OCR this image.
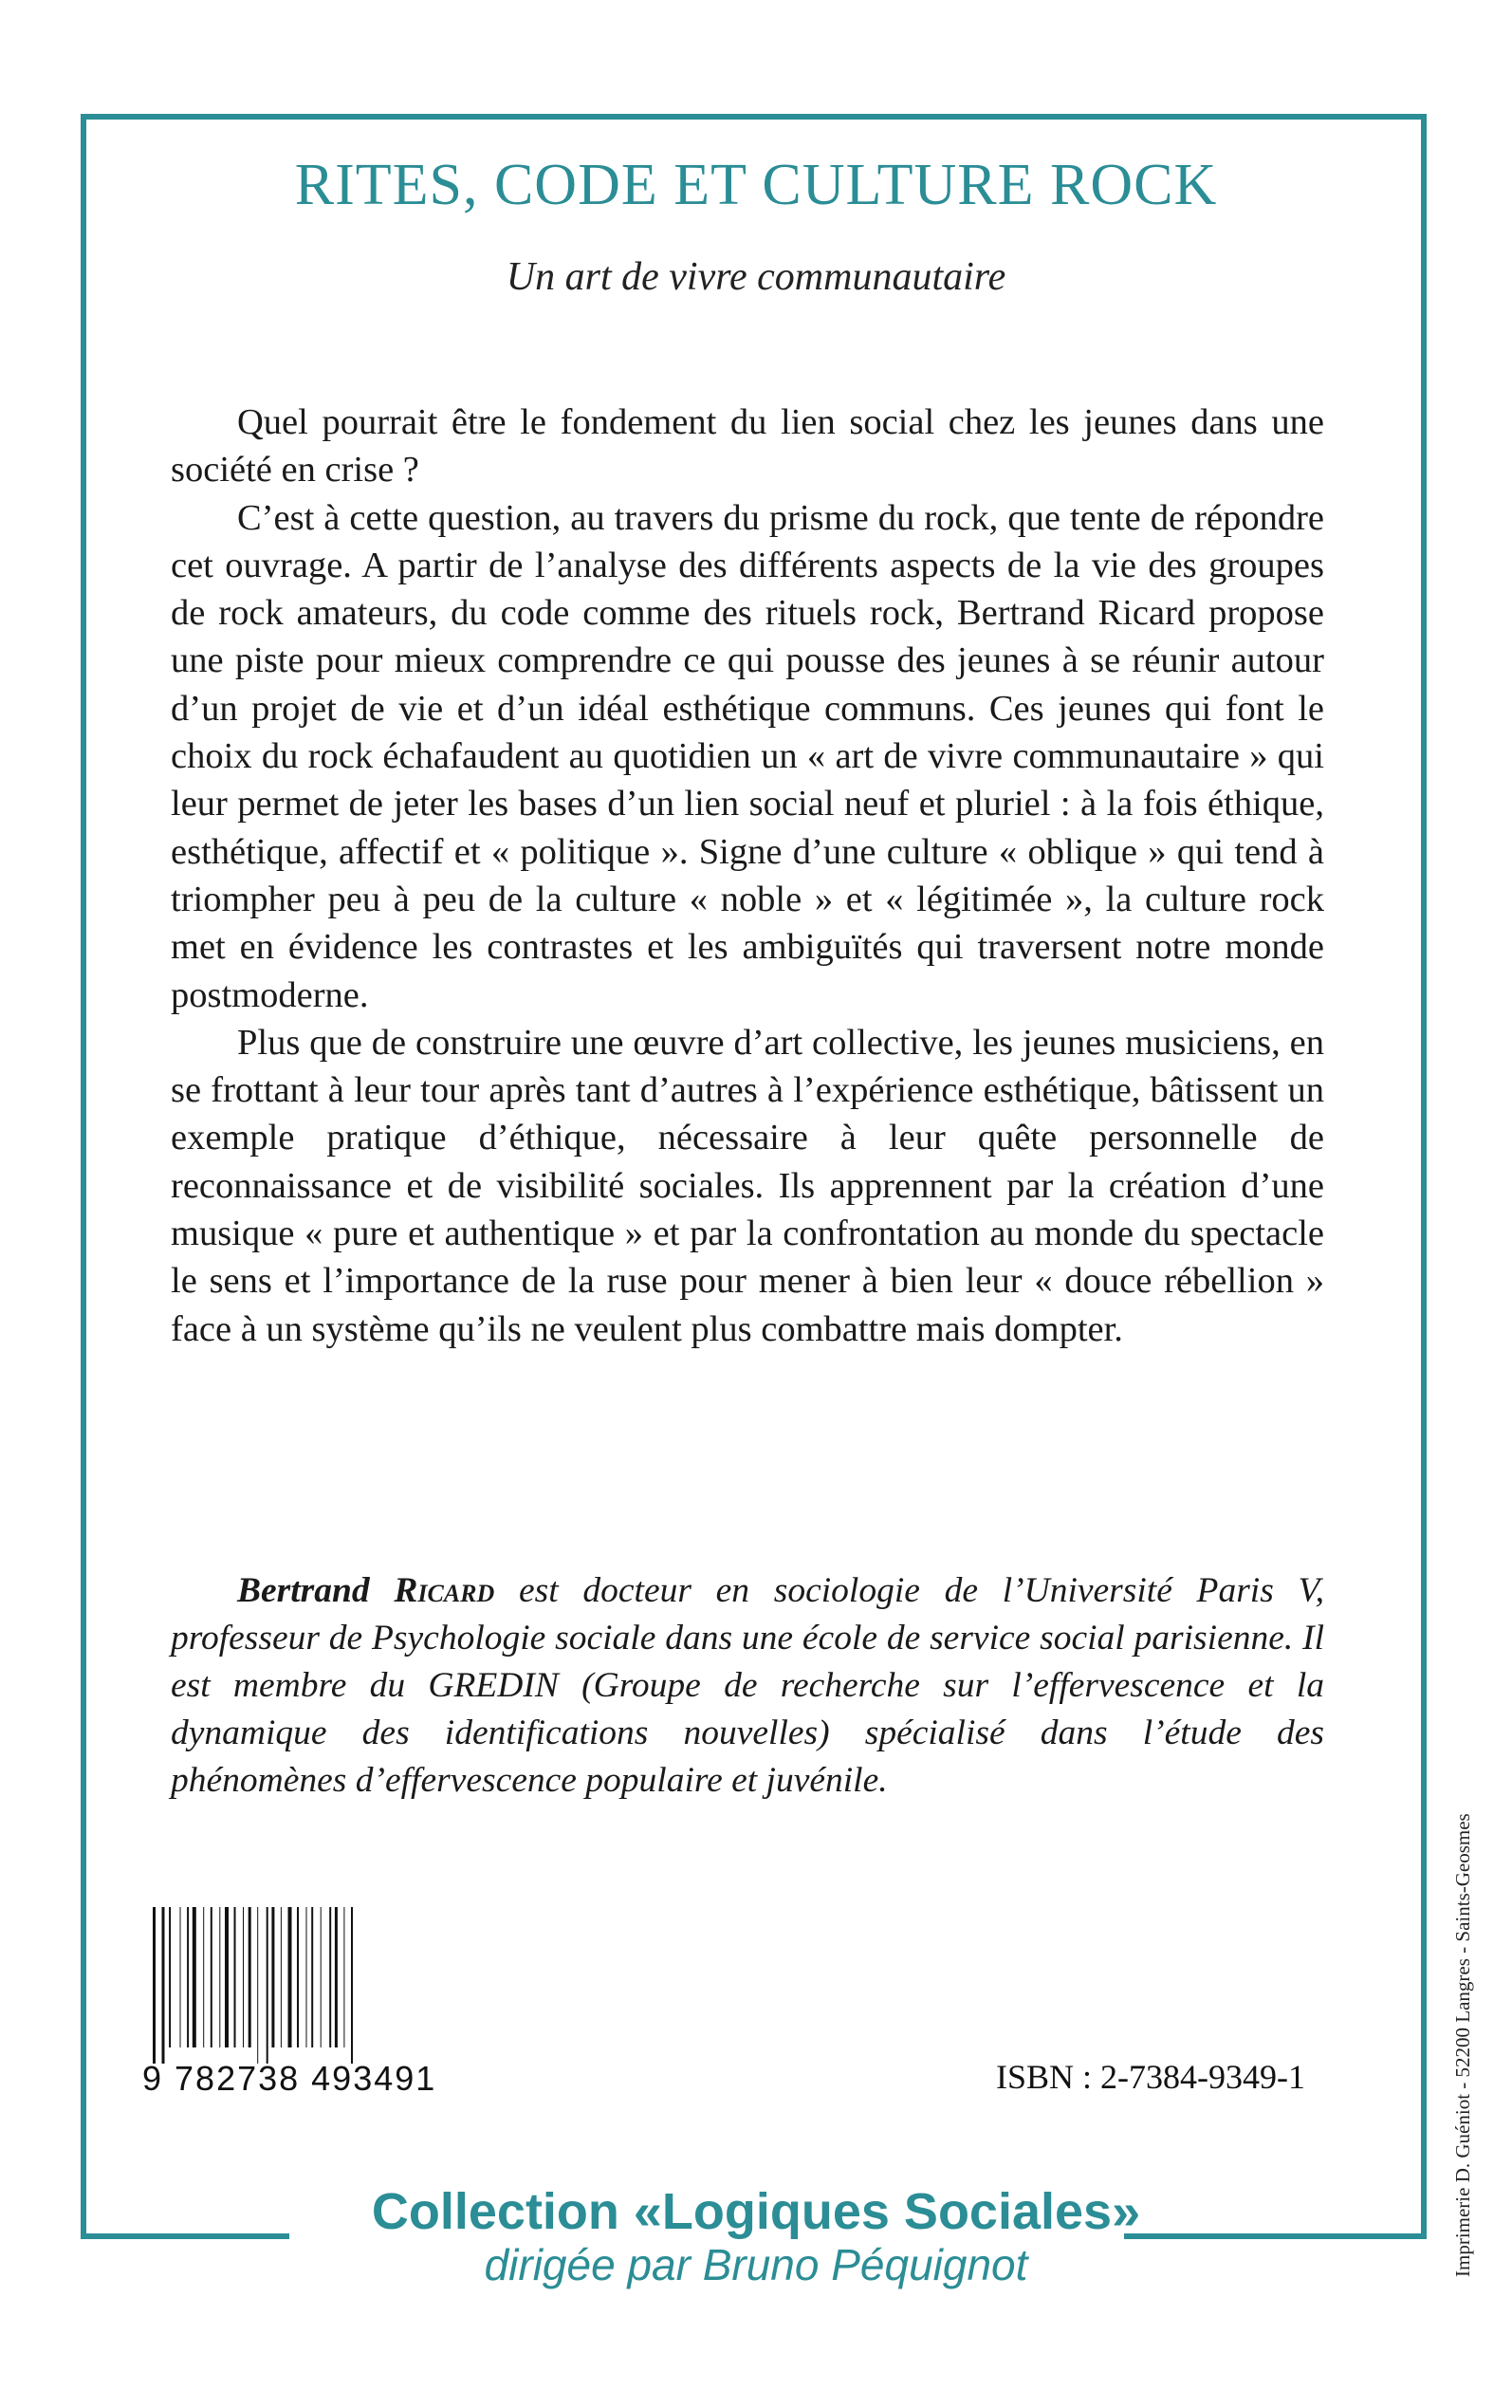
RITES, CODE ET CULTURE ROCK
Un art de vivre communautaire

Quel pourrait être le fondement du lien social chez les jeunes dans une société en crise ?

C’est à cette question, au travers du prisme du rock, que tente de répondre cet ouvrage. A partir de l’analyse des différents aspects de la vie des groupes de rock amateurs, du code comme des rituels rock, Bertrand Ricard propose une piste pour mieux comprendre ce qui pousse des jeunes à se réunir autour d’un projet de vie et d’un idéal esthétique communs. Ces jeunes qui font le choix du rock échafaudent au quotidien un « art de vivre communautaire » qui leur permet de jeter les bases d’un lien social neuf et pluriel : à la fois éthique, esthétique, affectif et « politique ». Signe d’une culture « oblique » qui tend à triompher peu à peu de la culture « noble » et « légitimée », la culture rock met en évidence les contrastes et les ambiguïtés qui traversent notre monde postmoderne.

Plus que de construire une œuvre d’art collective, les jeunes musiciens, en se frottant à leur tour après tant d’autres à l’expérience esthétique, bâtissent un exemple pratique d’éthique, nécessaire à leur quête personnelle de reconnaissance et de visibilité sociales. Ils apprennent par la création d’une musique « pure et authentique » et par la confrontation au monde du spectacle le sens et l’importance de la ruse pour mener à bien leur « douce rébellion » face à un système qu’ils ne veulent plus combattre mais dompter.

Bertrand Ricard est docteur en sociologie de l’Université Paris V, professeur de Psychologie sociale dans une école de service social parisienne. Il est membre du GREDIN (Groupe de recherche sur l’effervescence et la dynamique des identifications nouvelles) spécialisé dans l’étude des phénomènes d’effervescence populaire et juvénile.

9 782738 493491	ISBN : 2-7384-9349-1
Collection «Logiques Sociales»
dirigée par Bruno Péquignot	Imprimerie D. Guéniot - 52200 Langres - Saints-Geosmes
